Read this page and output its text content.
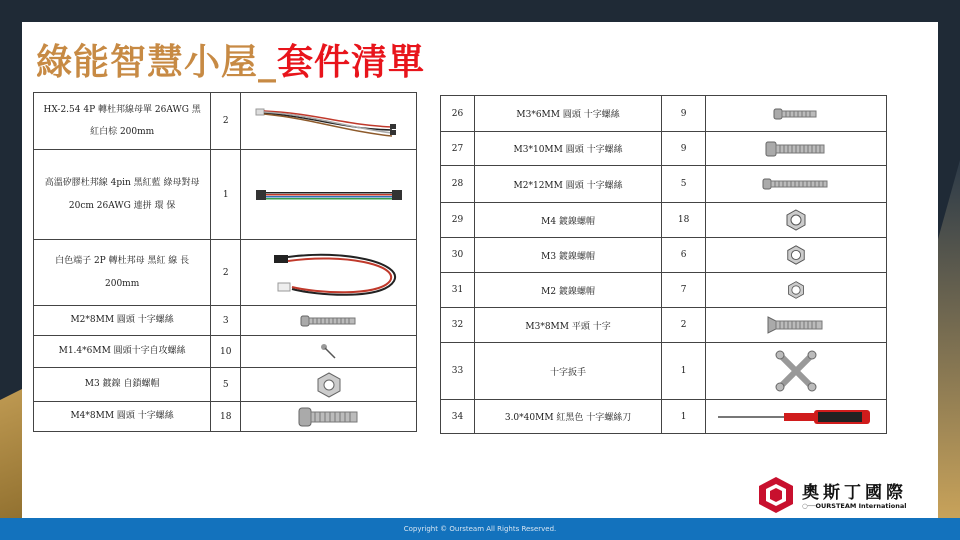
綠能智慧小屋_套件清單
HX-2.54 4P 轉杜邦線母單 26AWG 黑紅白棕 200mm	2	

高溫矽膠杜邦線 4pin 黑紅藍 綠母對母 20cm 26AWG 連拼 環 保	1	

白色端子 2P 轉杜邦母 黑紅 線 長 200mm	2	

M2*8MM 圓頭 十字螺絲	3	

M1.4*6MM 圓頭十字自攻螺絲	10	

M3 鍍鎳 自鎖螺帽	5	

M4*8MM 圓頭 十字螺絲	18	
26	M3*6MM 圓頭 十字螺絲	9	

27	M3*10MM 圓頭 十字螺絲	9	

28	M2*12MM 圓頭 十字螺絲	5	

29	M4 鍍鎳螺帽	18	

30	M3 鍍鎳螺帽	6	

31	M2 鍍鎳螺帽	7	

32	M3*8MM 平頭 十字	2	

33	十字扳手	1	

34	3.0*40MM 紅黑色 十字螺絲刀	1	
奧斯丁國際
○──OURSTEAM International
Copyright © Oursteam All Rights Reserved.
